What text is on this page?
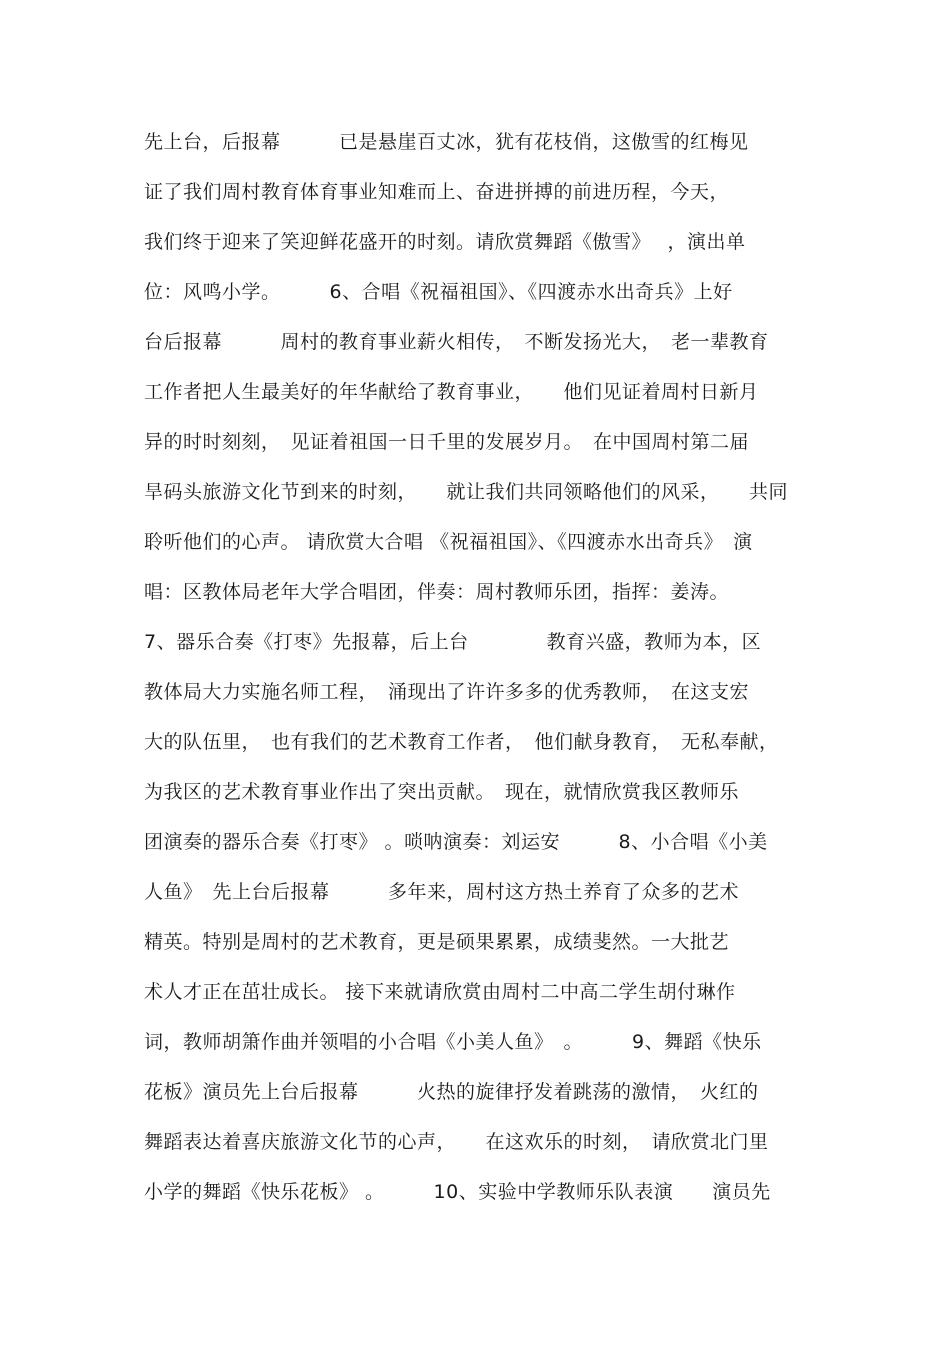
先上台，后报幕　　　已是悬崖百丈冰，犹有花枝俏，这傲雪的红梅见
证了我们周村教育体育事业知难而上、奋进拼搏的前进历程，今天，
我们终于迎来了笑迎鲜花盛开的时刻。请欣赏舞蹈《傲雪》　 ，演出单
位：风鸣小学。　　　6、合唱《祝福祖国》、《四渡赤水出奇兵》上好
台后报幕　　　周村的教育事业薪火相传，　不断发扬光大，　老一辈教育
工作者把人生最美好的年华献给了教育事业，　　他们见证着周村日新月
异的时时刻刻，　见证着祖国一日千里的发展岁月。　在中国周村第二届
旱码头旅游文化节到来的时刻，　　就让我们共同领略他们的风采，　　共同
聆听他们的心声。 请欣赏大合唱 《祝福祖国》、《四渡赤水出奇兵》　演
唱：区教体局老年大学合唱团，伴奏：周村教师乐团，指挥：姜涛。
7、器乐合奏《打枣》先报幕，后上台　　　　教育兴盛，教师为本，区
教体局大力实施名师工程，　涌现出了许许多多的优秀教师，　在这支宏
大的队伍里，　也有我们的艺术教育工作者，　他们献身教育，　无私奉献，
为我区的艺术教育事业作出了突出贡献。　现在，就情欣赏我区教师乐
团演奏的器乐合奏《打枣》 。唢呐演奏：刘运安　　　8、小合唱《小美
人鱼》　先上台后报幕　　　多年来，周村这方热土养育了众多的艺术
精英。特别是周村的艺术教育，更是硕果累累，成绩斐然。一大批艺
术人才正在茁壮成长。 接下来就请欣赏由周村二中高二学生胡付琳作
词，教师胡箫作曲并领唱的小合唱《小美人鱼》　。　　　9、舞蹈《快乐
花板》演员先上台后报幕　　　火热的旋律抒发着跳荡的激情，　火红的
舞蹈表达着喜庆旅游文化节的心声，　　在这欢乐的时刻，　请欣赏北门里
小学的舞蹈《快乐花板》 。　　　10、实验中学教师乐队表演　　演员先
